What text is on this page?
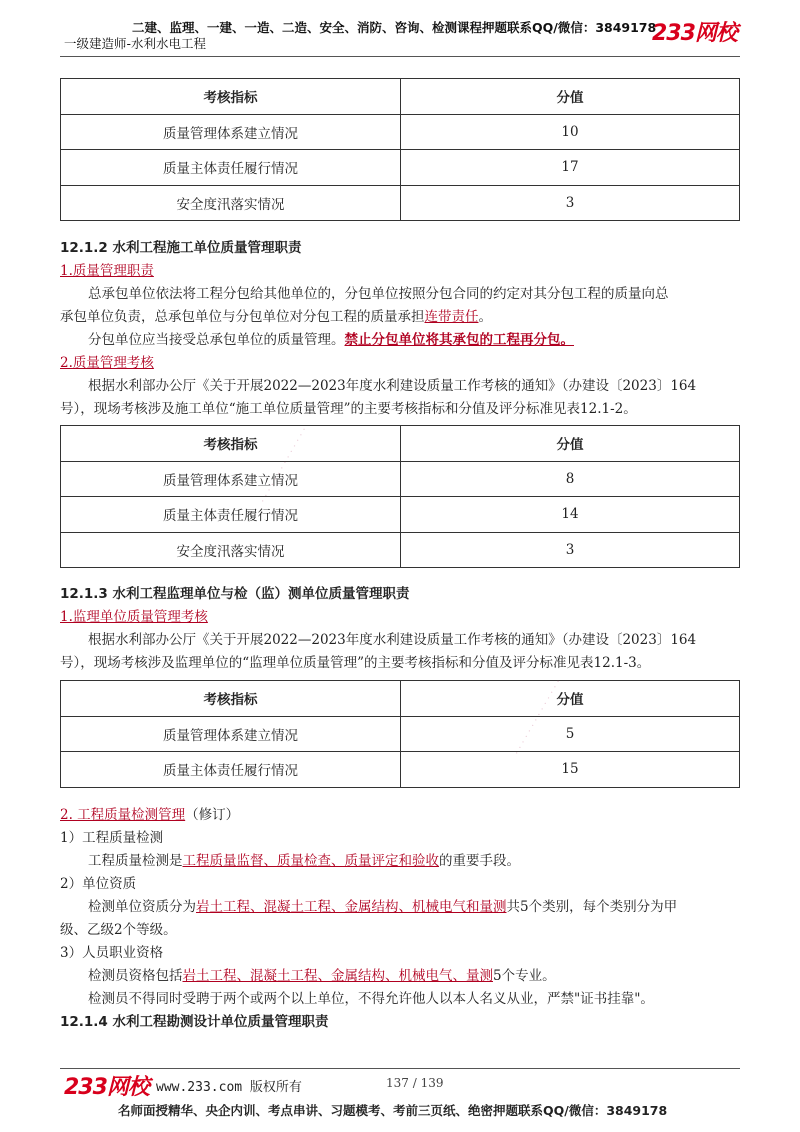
二建、监理、一建、一造、二造、安全、消防、咨询、检测课程押题联系QQ/微信：3849178
一级建造师-水利水电工程	233网校
考核指标	分值
质量管理体系建立情况	10
质量主体责任履行情况	17
安全度汛落实情况	3
12.1.2 水利工程施工单位质量管理职责
1.质量管理职责
总承包单位依法将工程分包给其他单位的，分包单位按照分包合同的约定对其分包工程的质量向总
承包单位负责，总承包单位与分包单位对分包工程的质量承担连带责任。
分包单位应当接受总承包单位的质量管理。禁止分包单位将其承包的工程再分包。
2.质量管理考核
根据水利部办公厅《关于开展2022—2023年度水利建设质量工作考核的通知》（办建设〔2023〕164
号），现场考核涉及施工单位“施工单位质量管理”的主要考核指标和分值及评分标准见表12.1-2。
考核指标	分值
质量管理体系建立情况	8
质量主体责任履行情况	14
安全度汛落实情况	3
12.1.3 水利工程监理单位与检（监）测单位质量管理职责
1.监理单位质量管理考核
根据水利部办公厅《关于开展2022—2023年度水利建设质量工作考核的通知》（办建设〔2023〕164
号），现场考核涉及监理单位的“监理单位质量管理”的主要考核指标和分值及评分标准见表12.1-3。
考核指标	分值
质量管理体系建立情况	5
质量主体责任履行情况	15
2. 工程质量检测管理（修订）
1）工程质量检测
工程质量检测是工程质量监督、质量检查、质量评定和验收的重要手段。
2）单位资质
检测单位资质分为岩土工程、混凝土工程、金属结构、机械电气和量测共5个类别，每个类别分为甲
级、乙级2个等级。
3）人员职业资格
检测员资格包括岩土工程、混凝土工程、金属结构、机械电气、量测5个专业。
检测员不得同时受聘于两个或两个以上单位，不得允许他人以本人名义从业，严禁"证书挂靠"。
12.1.4 水利工程勘测设计单位质量管理职责
· · · · · · · · · · · · · ·
· · · · · · · · · · · · · ·
233网校 www.233.com 版权所有	137 / 139
名师面授精华、央企内训、考点串讲、习题模考、考前三页纸、绝密押题联系QQ/微信：3849178
